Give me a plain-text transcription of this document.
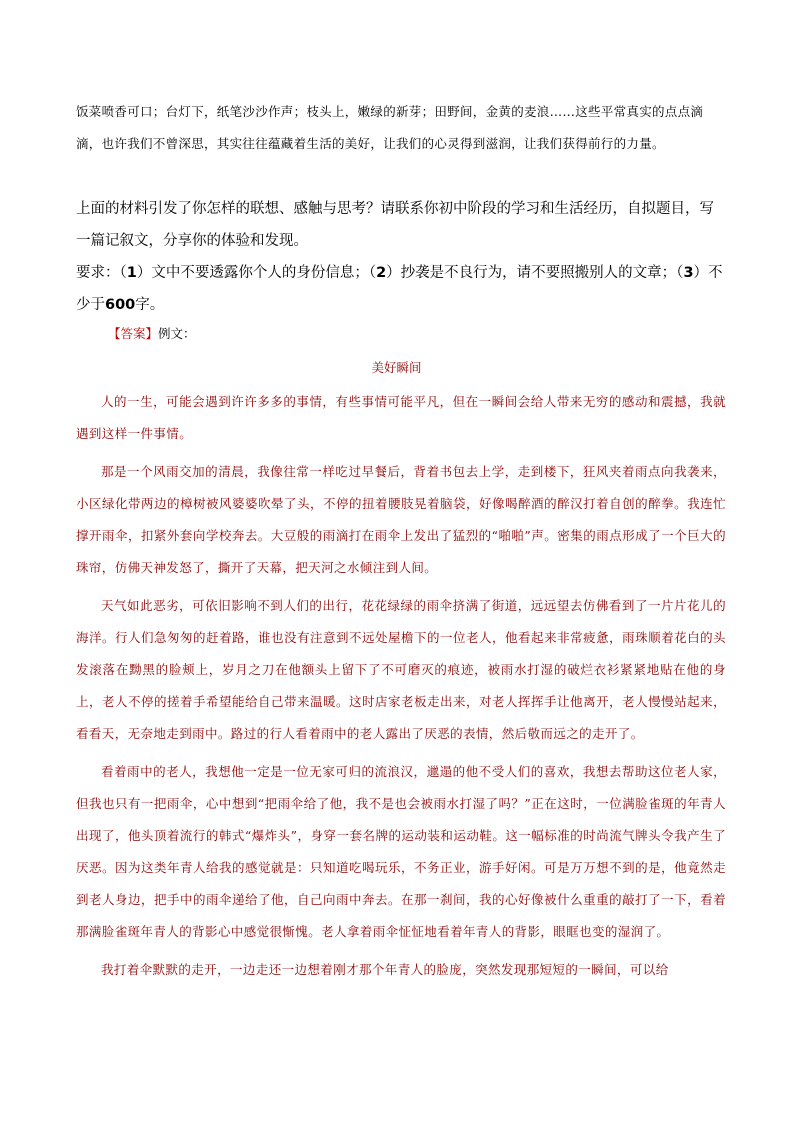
饭菜喷香可口；台灯下，纸笔沙沙作声；枝头上，嫩绿的新芽；田野间，金黄的麦浪……这些平常真实的点点滴滴，也许我们不曾深思，其实往往蕴藏着生活的美好，让我们的心灵得到滋润，让我们获得前行的力量。

上面的材料引发了你怎样的联想、感触与思考？请联系你初中阶段的学习和生活经历，自拟题目，写一篇记叙文，分享你的体验和发现。

要求：（1）文中不要透露你个人的身份信息；（2）抄袭是不良行为，请不要照搬别人的文章；（3）不少于600字。

【答案】例文：
美好瞬间

人的一生，可能会遇到许许多多的事情，有些事情可能平凡，但在一瞬间会给人带来无穷的感动和震撼，我就遇到这样一件事情。

那是一个风雨交加的清晨，我像往常一样吃过早餐后，背着书包去上学，走到楼下，狂风夹着雨点向我袭来，小区绿化带两边的樟树被风婆婆吹晕了头，不停的扭着腰肢晃着脑袋，好像喝醉酒的醉汉打着自创的醉拳。我连忙撑开雨伞，扣紧外套向学校奔去。大豆般的雨滴打在雨伞上发出了猛烈的“啪啪”声。密集的雨点形成了一个巨大的珠帘，仿佛天神发怒了，撕开了天幕，把天河之水倾注到人间。

天气如此恶劣，可依旧影响不到人们的出行，花花绿绿的雨伞挤满了街道，远远望去仿佛看到了一片片花儿的海洋。行人们急匆匆的赶着路，谁也没有注意到不远处屋檐下的一位老人，他看起来非常疲惫，雨珠顺着花白的头发滚落在黝黑的脸颊上，岁月之刀在他额头上留下了不可磨灭的痕迹，被雨水打湿的破烂衣衫紧紧地贴在他的身上，老人不停的搓着手希望能给自己带来温暖。这时店家老板走出来，对老人挥挥手让他离开，老人慢慢站起来，看看天，无奈地走到雨中。路过的行人看着雨中的老人露出了厌恶的表情，然后敬而远之的走开了。

看着雨中的老人，我想他一定是一位无家可归的流浪汉，邋遢的他不受人们的喜欢，我想去帮助这位老人家，但我也只有一把雨伞，心中想到“把雨伞给了他，我不是也会被雨水打湿了吗？”正在这时，一位满脸雀斑的年青人出现了，他头顶着流行的韩式“爆炸头”，身穿一套名牌的运动装和运动鞋。这一幅标准的时尚流气牌头令我产生了厌恶。因为这类年青人给我的感觉就是：只知道吃喝玩乐，不务正业，游手好闲。可是万万想不到的是，他竟然走到老人身边，把手中的雨伞递给了他，自己向雨中奔去。在那一刹间，我的心好像被什么重重的敲打了一下，看着那满脸雀斑年青人的背影心中感觉很惭愧。老人拿着雨伞怔怔地看着年青人的背影，眼眶也变的湿润了。

我打着伞默默的走开，一边走还一边想着刚才那个年青人的脸庞，突然发现那短短的一瞬间，可以给
